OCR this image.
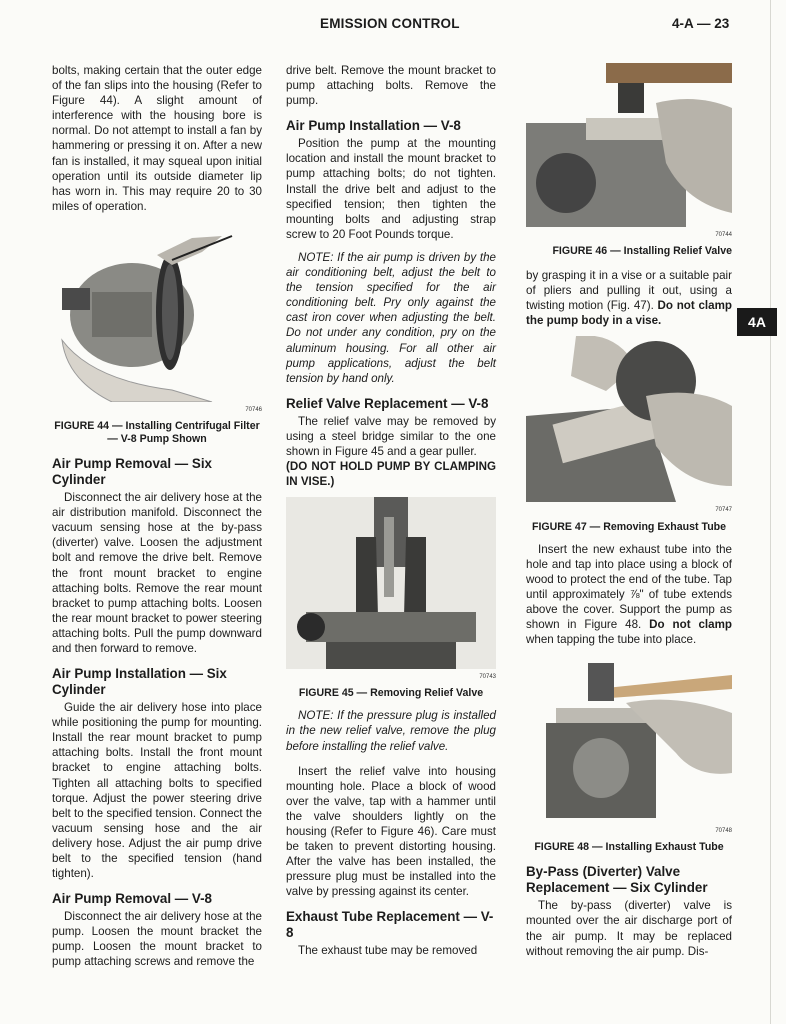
EMISSION CONTROL	4-A — 23
4A

bolts, making certain that the outer edge of the fan slips into the housing (Refer to Figure 44). A slight amount of interference with the housing bore is normal. Do not attempt to install a fan by hammering or pressing it on. After a new fan is installed, it may squeal upon initial operation until its outside diameter lip has worn in. This may require 20 to 30 miles of operation.

70746
FIGURE 44 — Installing Centrifugal Filter — V-8 Pump Shown
Air Pump Removal — Six Cylinder

Disconnect the air delivery hose at the air distribution manifold. Disconnect the vacuum sensing hose at the by-pass (diverter) valve. Loosen the adjustment bolt and remove the drive belt. Remove the front mount bracket to engine attaching bolts. Remove the rear mount bracket to pump attaching bolts. Loosen the rear mount bracket to power steering attaching bolts. Pull the pump downward and then forward to remove.

Air Pump Installation — Six Cylinder

Guide the air delivery hose into place while positioning the pump for mounting. Install the rear mount bracket to pump attaching bolts. Install the front mount bracket to engine attaching bolts. Tighten all attaching bolts to specified torque. Adjust the power steering drive belt to the specified tension. Connect the vacuum sensing hose and the air delivery hose. Adjust the air pump drive belt to the specified tension (hand tighten).

Air Pump Removal — V-8

Disconnect the air delivery hose at the pump. Loosen the mount bracket the pump. Loosen the mount bracket to pump attaching screws and remove the

drive belt. Remove the mount bracket to pump attaching bolts. Remove the pump.

Air Pump Installation — V-8

Position the pump at the mounting location and install the mount bracket to pump attaching bolts; do not tighten. Install the drive belt and adjust to the specified tension; then tighten the mounting bolts and adjusting strap screw to 20 Foot Pounds torque.

NOTE: If the air pump is driven by the air conditioning belt, adjust the belt to the tension specified for the air conditioning belt. Pry only against the cast iron cover when adjusting the belt. Do not under any condition, pry on the aluminum housing. For all other air pump applications, adjust the belt tension by hand only.

Relief Valve Replacement — V-8

The relief valve may be removed by using a steel bridge similar to the one shown in Figure 45 and a gear puller.

(DO NOT HOLD PUMP BY CLAMPING IN VISE.)

70743
FIGURE 45 — Removing Relief Valve

NOTE: If the pressure plug is installed in the new relief valve, remove the plug before installing the relief valve.

Insert the relief valve into housing mounting hole. Place a block of wood over the valve, tap with a hammer until the valve shoulders lightly on the housing (Refer to Figure 46). Care must be taken to prevent distorting housing. After the valve has been installed, the pressure plug must be installed into the valve by pressing against its center.

Exhaust Tube Replacement — V-8

The exhaust tube may be removed

70744
FIGURE 46 — Installing Relief Valve

by grasping it in a vise or a suitable pair of pliers and pulling it out, using a twisting motion (Fig. 47). Do not clamp the pump body in a vise.

70747
FIGURE 47 — Removing Exhaust Tube

Insert the new exhaust tube into the hole and tap into place using a block of wood to protect the end of the tube. Tap until approximately ⅞" of tube extends above the cover. Support the pump as shown in Figure 48. Do not clamp when tapping the tube into place.

70748
FIGURE 48 — Installing Exhaust Tube
By-Pass (Diverter) Valve Replacement — Six Cylinder

The by-pass (diverter) valve is mounted over the air discharge port of the air pump. It may be replaced without removing the air pump. Dis-
